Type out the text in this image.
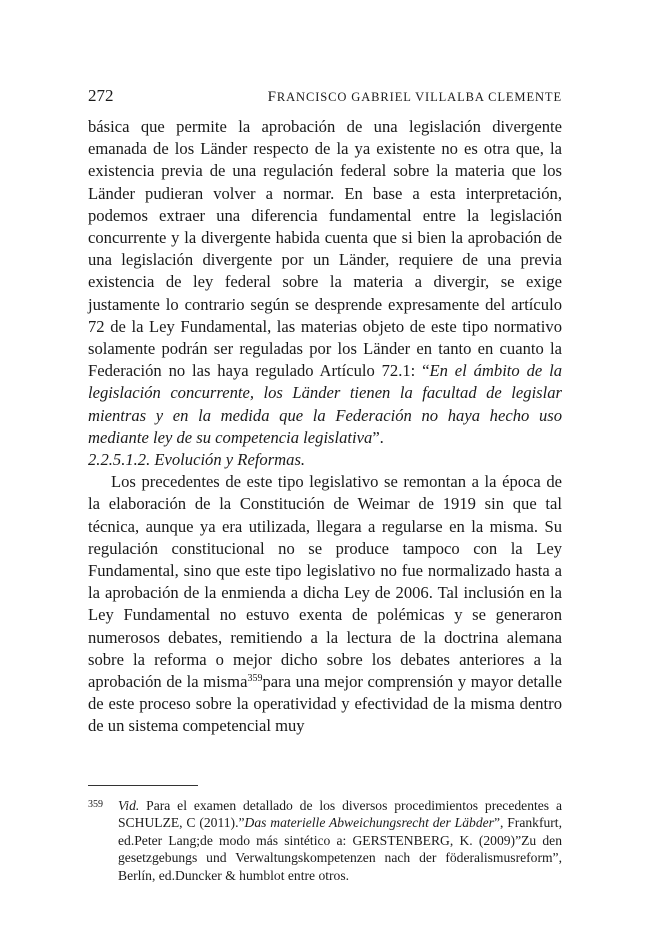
272	FRANCISCO GABRIEL VILLALBA CLEMENTE

básica que permite la aprobación de una legislación divergente emanada de los Länder respecto de la ya existente no es otra que, la existencia previa de una regulación federal sobre la materia que los Länder pudieran volver a normar. En base a esta interpretación, podemos extraer una diferencia fundamental entre la legislación concurrente y la divergente habida cuenta que si bien la aprobación de una legislación divergente por un Länder, requiere de una previa existencia de ley federal sobre la materia a divergir, se exige justamente lo contrario según se desprende expresamente del artículo 72 de la Ley Fundamental, las materias objeto de este tipo normativo solamente podrán ser reguladas por los Länder en tanto en cuanto la Federación no las haya regulado Artículo 72.1: “En el ámbito de la legislación concurrente, los Länder tienen la facultad de legislar mientras y en la medida que la Federación no haya hecho uso mediante ley de su competencia legislativa”.

2.2.5.1.2. Evolución y Reformas.

Los precedentes de este tipo legislativo se remontan a la época de la elaboración de la Constitución de Weimar de 1919 sin que tal técnica, aunque ya era utilizada, llegara a regularse en la misma. Su regulación constitucional no se produce tampoco con la Ley Fundamental, sino que este tipo legislativo no fue normalizado hasta a la aprobación de la enmienda a dicha Ley de 2006. Tal inclusión en la Ley Fundamental no estuvo exenta de polémicas y se generaron numerosos debates, remitiendo a la lectura de la doctrina alemana sobre la reforma o mejor dicho sobre los debates anteriores a la aprobación de la misma$^{359}$para una mejor comprensión y mayor detalle de este proceso sobre la operatividad y efectividad de la misma dentro de un sistema competencial muy

359	Vid. Para el examen detallado de los diversos procedimientos precedentes a SCHULZE, C (2011).”Das materielle Abweichungsrecht der Läbder”, Frankfurt, ed.Peter Lang;de modo más sintético a: GERSTENBERG, K. (2009)”Zu den gesetzgebungs und Verwaltungskompetenzen nach der föderalismusreform”, Berlín, ed.Duncker & humblot entre otros.
